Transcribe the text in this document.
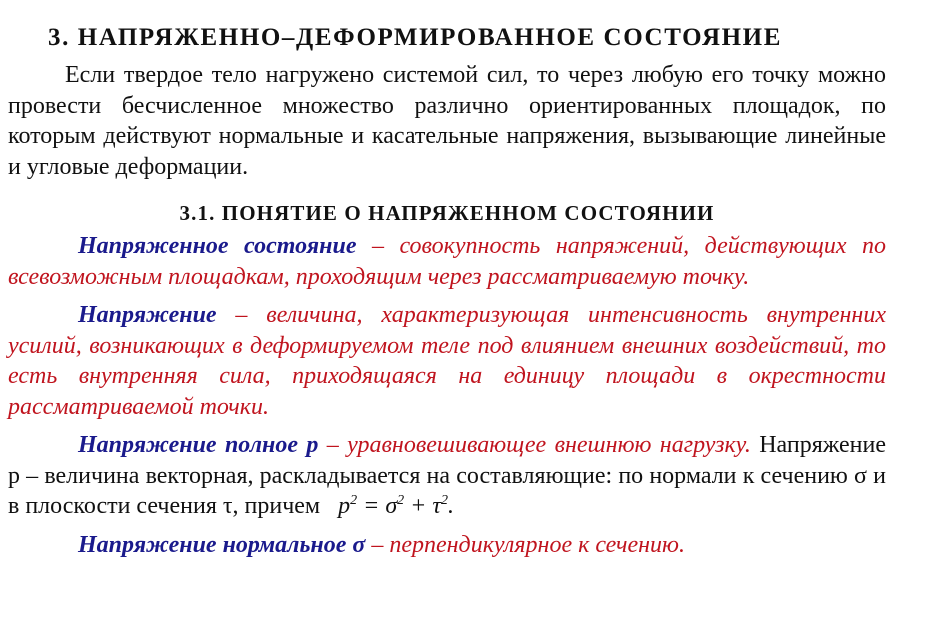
3. НАПРЯЖЕННО–ДЕФОРМИРОВАННОЕ СОСТОЯНИЕ

Если твердое тело нагружено системой сил, то через любую его точку можно провести бесчисленное множество различно ориентированных площадок, по которым действуют нормальные и касательные напряжения, вызывающие линейные и угловые деформации.

3.1. ПОНЯТИЕ О НАПРЯЖЕННОМ СОСТОЯНИИ

Напряженное состояние – совокупность напряжений, действующих по всевозможным площадкам, проходящим через рассматриваемую точку.

Напряжение – величина, характеризующая интенсивность внутренних усилий, возникающих в деформируемом теле под влиянием внешних воздействий, то есть внутренняя сила, приходящаяся на единицу площади в окрестности рассматриваемой точки.

Напряжение полное р – уравновешивающее внешнюю нагрузку. Напряжение р – величина векторная, раскладывается на составляющие: по нормали к сечению σ и в плоскости сечения τ, причем $p^2 = \sigma^2 + \tau^2$.

Напряжение нормальное σ – перпендикулярное к сечению.
